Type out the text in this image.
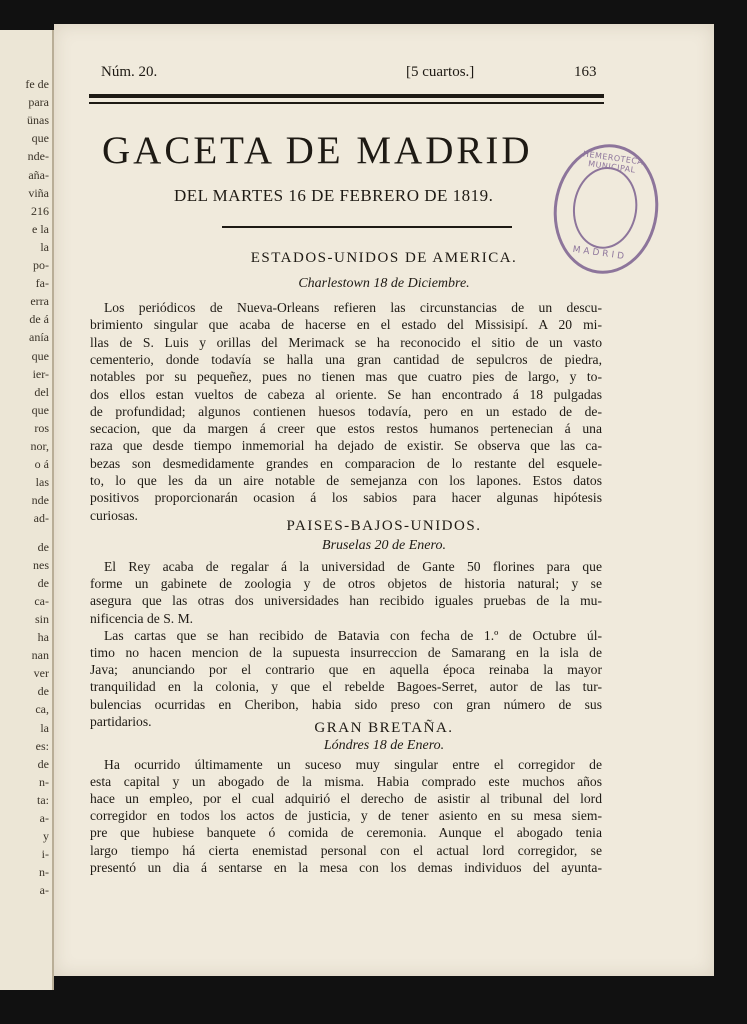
fe de
para
ünas
que
nde-
aña-
viña
216
e la
la
po-
fa-
erra
de á
anía
que
ier-
del
que
ros
nor,
o á
las
nde
ad-
de
nes
de
ca-
sin
ha
nan
ver
de
ca,
la
es:
de
n-
ta:
a-
y
i-
n-
a-
Núm. 20.	[5 cuartos.]	163
GACETA DE MADRID
DEL MARTES 16 DE FEBRERO DE 1819.
HEMEROTECA MUNICIPAL
MADRID
ESTADOS-UNIDOS DE AMERICA.
Charlestown 18 de Diciembre.
Los periódicos de Nueva-Orleans refieren las circunstancias de un descu-
brimiento singular que acaba de hacerse en el estado del Missisipí. A 20 mi-
llas de S. Luis y orillas del Merimack se ha reconocido el sitio de un vasto
cementerio, donde todavía se halla una gran cantidad de sepulcros de piedra,
notables por su pequeñez, pues no tienen mas que cuatro pies de largo, y to-
dos ellos estan vueltos de cabeza al oriente. Se han encontrado á 18 pulgadas
de profundidad; algunos contienen huesos todavía, pero en un estado de de-
secacion, que da margen á creer que estos restos humanos pertenecian á una
raza que desde tiempo inmemorial ha dejado de existir. Se observa que las ca-
bezas son desmedidamente grandes en comparacion de lo restante del esquele-
to, lo que les da un aire notable de semejanza con los lapones. Estos datos
positivos proporcionarán ocasion á los sabios para hacer algunas hipótesis
curiosas.
PAISES-BAJOS-UNIDOS.
Bruselas 20 de Enero.
El Rey acaba de regalar á la universidad de Gante 50 florines para que
forme un gabinete de zoologia y de otros objetos de historia natural; y se
asegura que las otras dos universidades han recibido iguales pruebas de la mu-
nificencia de S. M.
Las cartas que se han recibido de Batavia con fecha de 1.º de Octubre úl-
timo no hacen mencion de la supuesta insurreccion de Samarang en la isla de
Java; anunciando por el contrario que en aquella época reinaba la mayor
tranquilidad en la colonia, y que el rebelde Bagoes-Serret, autor de las tur-
bulencias ocurridas en Cheribon, habia sido preso con gran número de sus
partidarios.	GRAN BRETAÑA.
Lóndres 18 de Enero.
Ha ocurrido últimamente un suceso muy singular entre el corregidor de
esta capital y un abogado de la misma. Habia comprado este muchos años
hace un empleo, por el cual adquirió el derecho de asistir al tribunal del lord
corregidor en todos los actos de justicia, y de tener asiento en su mesa siem-
pre que hubiese banquete ó comida de ceremonia. Aunque el abogado tenia
largo tiempo há cierta enemistad personal con el actual lord corregidor, se
presentó un dia á sentarse en la mesa con los demas individuos del ayunta-
